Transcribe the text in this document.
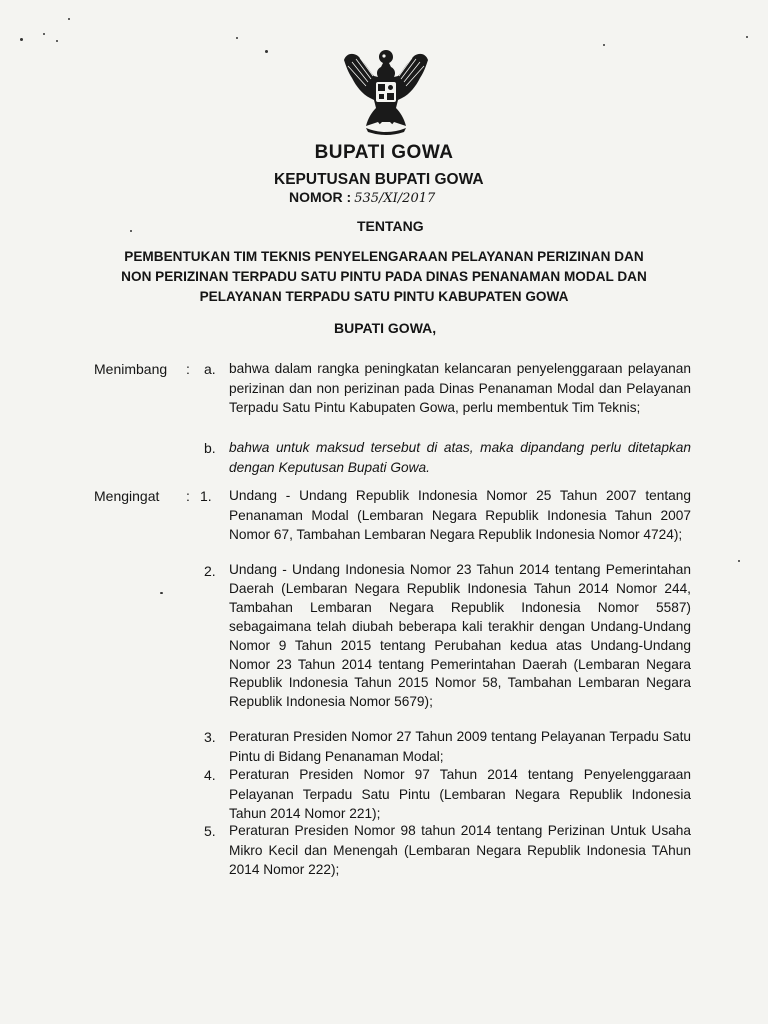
BUPATI GOWA
KEPUTUSAN BUPATI GOWA
NOMOR : 535/XI/2017
TENTANG
PEMBENTUKAN TIM TEKNIS PENYELENGARAAN PELAYANAN PERIZINAN DAN
NON PERIZINAN TERPADU SATU PINTU PADA DINAS PENANAMAN MODAL DAN
PELAYANAN TERPADU SATU PINTU KABUPATEN GOWA
BUPATI GOWA,
Menimbang : a. bahwa dalam rangka peningkatan kelancaran penyelenggaraan pelayanan perizinan dan non perizinan pada Dinas Penanaman Modal dan Pelayanan Terpadu Satu Pintu Kabupaten Gowa, perlu membentuk Tim Teknis;
b. bahwa untuk maksud tersebut di atas, maka dipandang perlu ditetapkan dengan Keputusan Bupati Gowa.
Mengingat : 1. Undang - Undang Republik Indonesia Nomor 25 Tahun 2007 tentang Penanaman Modal (Lembaran Negara Republik Indonesia Tahun 2007 Nomor 67, Tambahan Lembaran Negara Republik Indonesia Nomor 4724);
2. Undang - Undang Indonesia Nomor 23 Tahun 2014 tentang Pemerintahan Daerah (Lembaran Negara Republik Indonesia Tahun 2014 Nomor 244, Tambahan Lembaran Negara Republik Indonesia Nomor 5587) sebagaimana telah diubah beberapa kali terakhir dengan Undang-Undang Nomor 9 Tahun 2015 tentang Perubahan kedua atas Undang-Undang Nomor 23 Tahun 2014 tentang Pemerintahan Daerah (Lembaran Negara Republik Indonesia Tahun 2015 Nomor 58, Tambahan Lembaran Negara Republik Indonesia Nomor 5679);
3. Peraturan Presiden Nomor 27 Tahun 2009 tentang Pelayanan Terpadu Satu Pintu di Bidang Penanaman Modal;
4. Peraturan Presiden Nomor 97 Tahun 2014 tentang Penyelenggaraan Pelayanan Terpadu Satu Pintu (Lembaran Negara Republik Indonesia Tahun 2014 Nomor 221);
5. Peraturan Presiden Nomor 98 tahun 2014 tentang Perizinan Untuk Usaha Mikro Kecil dan Menengah (Lembaran Negara Republik Indonesia TAhun 2014 Nomor 222);
